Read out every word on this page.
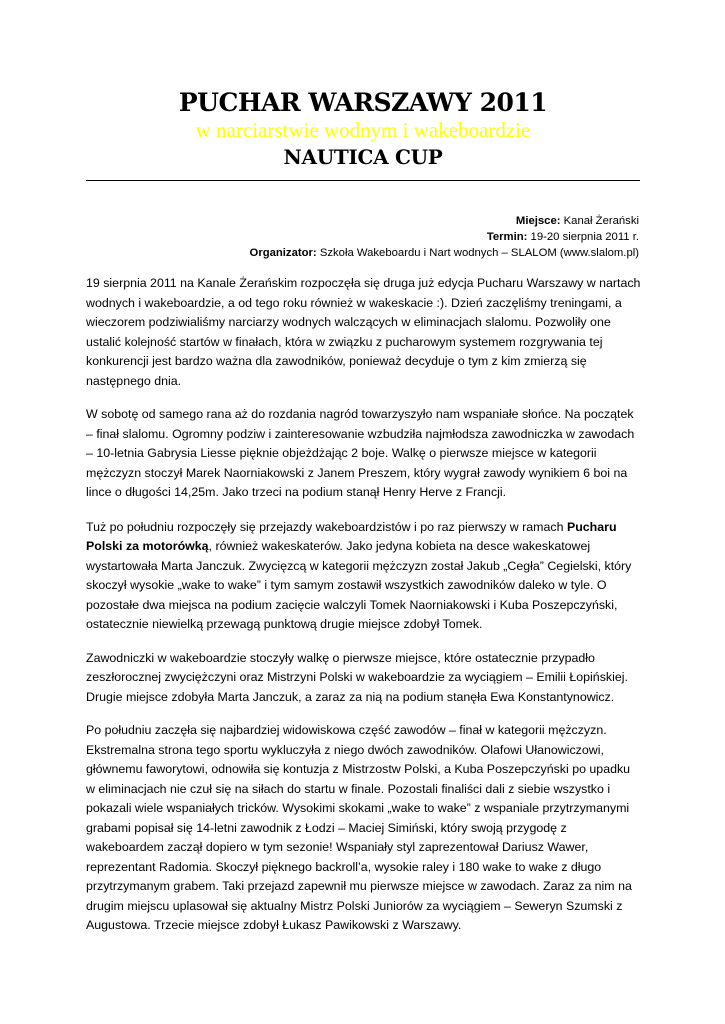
PUCHAR WARSZAWY 2011
w narciarstwie wodnym i wakeboardzie
NAUTICA CUP
Miejsce: Kanał Żerański
Termin: 19-20 sierpnia 2011 r.
Organizator: Szkoła Wakeboardu i Nart wodnych – SLALOM (www.slalom.pl)

19 sierpnia 2011 na Kanale Żerańskim rozpoczęła się druga już edycja Pucharu Warszawy w nartach wodnych i wakeboardzie, a od tego roku również w wakeskacie :). Dzień zaczęliśmy treningami, a wieczorem podziwialiśmy narciarzy wodnych walczących w eliminacjach slalomu. Pozwoliły one ustalić kolejność startów w finałach, która w związku z pucharowym systemem rozgrywania tej konkurencji jest bardzo ważna dla zawodników, ponieważ decyduje o tym z kim zmierzą się następnego dnia.

W sobotę od samego rana aż do rozdania nagród towarzyszyło nam wspaniałe słońce. Na początek – finał slalomu. Ogromny podziw i zainteresowanie wzbudziła najmłodsza zawodniczka w zawodach – 10-letnia Gabrysia Liesse pięknie objeżdżając 2 boje. Walkę o pierwsze miejsce w kategorii mężczyzn stoczył Marek Naorniakowski z Janem Preszem, który wygrał zawody wynikiem 6 boi na lince o długości 14,25m. Jako trzeci na podium stanął Henry Herve z Francji.

Tuż po południu rozpoczęły się przejazdy wakeboardzistów i po raz pierwszy w ramach Pucharu Polski za motorówką, również wakeskaterów. Jako jedyna kobieta na desce wakeskatowej wystartowała Marta Janczuk. Zwycięzcą w kategorii mężczyzn został Jakub „Cegła” Cegielski, który skoczył wysokie „wake to wake” i tym samym zostawił wszystkich zawodników daleko w tyle. O pozostałe dwa miejsca na podium zacięcie walczyli Tomek Naorniakowski i Kuba Poszepczyński, ostatecznie niewielką przewagą punktową drugie miejsce zdobył Tomek.

Zawodniczki w wakeboardzie stoczyły walkę o pierwsze miejsce, które ostatecznie przypadło zeszłorocznej zwyciężczyni oraz Mistrzyni Polski w wakeboardzie za wyciągiem – Emilii Łopińskiej. Drugie miejsce zdobyła Marta Janczuk, a zaraz za nią na podium stanęła Ewa Konstantynowicz.

Po południu zaczęła się najbardziej widowiskowa część zawodów – finał w kategorii mężczyzn. Ekstremalna strona tego sportu wykluczyła z niego dwóch zawodników. Olafowi Ułanowiczowi, głównemu faworytowi, odnowiła się kontuzja z Mistrzostw Polski, a Kuba Poszepczyński po upadku w eliminacjach nie czuł się na siłach do startu w finale. Pozostali finaliści dali z siebie wszystko i pokazali wiele wspaniałych tricków. Wysokimi skokami „wake to wake” z wspaniale przytrzymanymi grabami popisał się 14-letni zawodnik z Łodzi – Maciej Simiński, który swoją przygodę z wakeboardem zaczął dopiero w tym sezonie! Wspaniały styl zaprezentował Dariusz Wawer, reprezentant Radomia. Skoczył pięknego backroll’a, wysokie raley i 180 wake to wake z długo przytrzymanym grabem. Taki przejazd zapewnił mu pierwsze miejsce w zawodach. Zaraz za nim na drugim miejscu uplasował się aktualny Mistrz Polski Juniorów za wyciągiem – Seweryn Szumski z Augustowa. Trzecie miejsce zdobył Łukasz Pawikowski z Warszawy.
